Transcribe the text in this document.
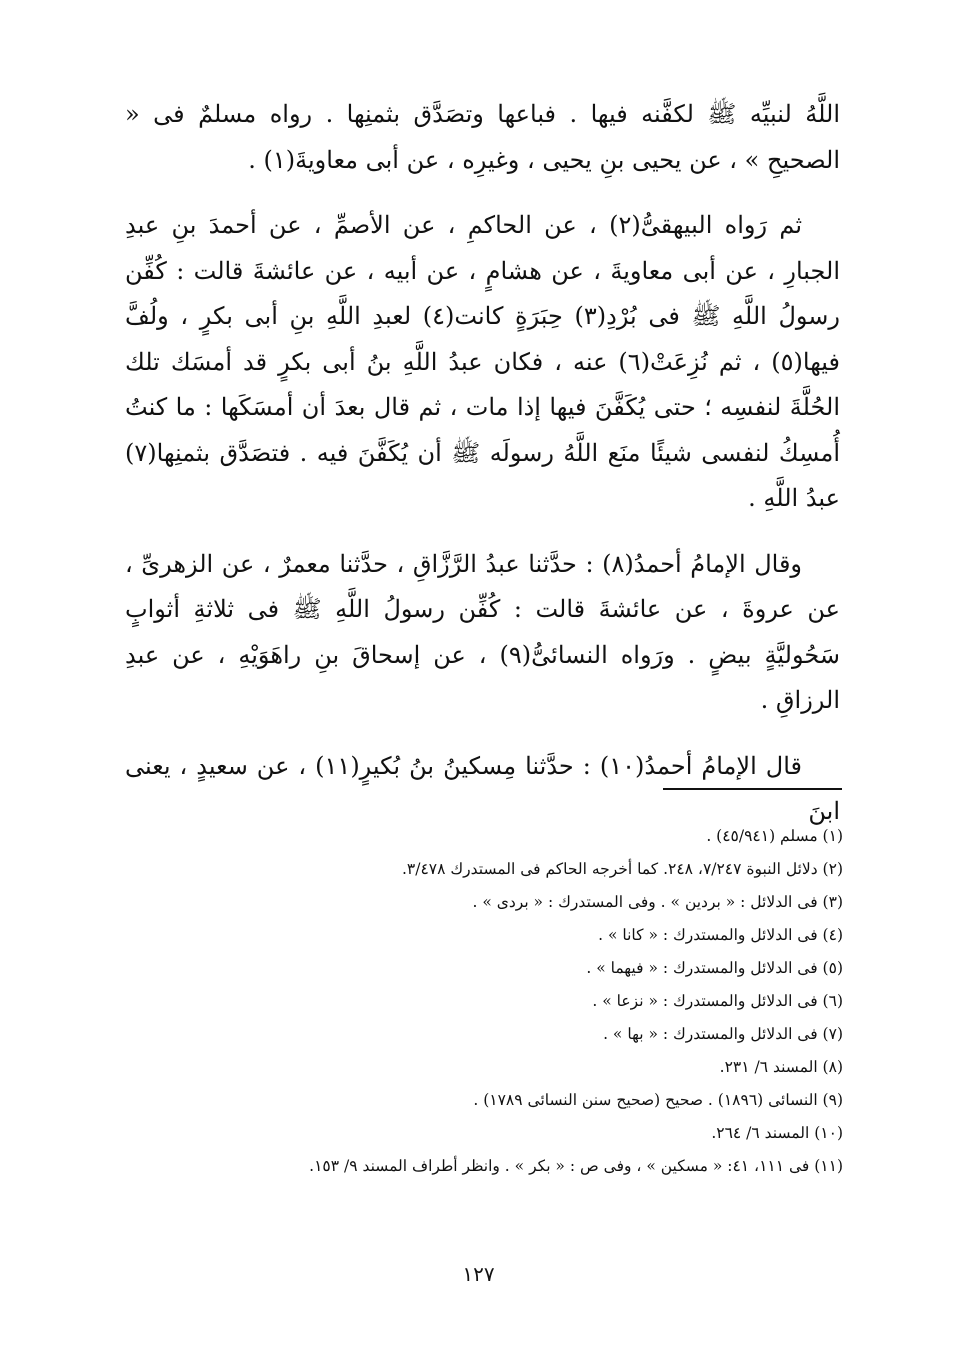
اللَّهُ لنبيِّه ﷺ لكفَّنه فيها . فباعها وتصَدَّق بثمنِها . رواه مسلمٌ فى « الصحيحِ » ، عن يحيى بنِ يحيى ، وغيرِه ، عن أبى معاويةَ(١) .

ثم رَواه البيهقىُّ(٢) ، عن الحاكمِ ، عن الأصمِّ ، عن أحمدَ بنِ عبدِ الجبارِ ، عن أبى معاويةَ ، عن هشامٍ ، عن أبيه ، عن عائشةَ قالت : كُفِّن رسولُ اللَّهِ ﷺ فى بُرْدِ(٣) حِبَرَةٍ كانت(٤) لعبدِ اللَّهِ بنِ أبى بكرٍ ، ولُفَّ فيها(٥) ، ثم نُزِعَتْ(٦) عنه ، فكان عبدُ اللَّهِ بنُ أبى بكرٍ قد أمسَك تلك الحُلَّةَ لنفسِه ؛ حتى يُكَفَّنَ فيها إذا مات ، ثم قال بعدَ أن أمسَكَها : ما كنتُ أُمسِكُ لنفسى شيئًا منَع اللَّهُ رسولَه ﷺ أن يُكَفَّنَ فيه . فتصَدَّق بثمنِها(٧) عبدُ اللَّهِ .

وقال الإمامُ أحمدُ(٨) : حدَّثنا عبدُ الرَّزَّاقِ ، حدَّثنا معمرٌ ، عن الزهرىِّ ، عن عروةَ ، عن عائشةَ قالت : كُفِّن رسولُ اللَّهِ ﷺ فى ثلاثةِ أثوابٍ سَحُوليَّةٍ بيضٍ . ورَواه النسائىُّ(٩) ، عن إسحاقَ بنِ راهَوَيْهِ ، عن عبدِ الرزاقِ .

قال الإمامُ أحمدُ(١٠) : حدَّثنا مِسكينُ بنُ بُكيرٍ(١١) ، عن سعيدٍ ، يعنى ابنَ

(١) مسلم (٤٥/٩٤١) .
(٢) دلائل النبوة ٧/٢٤٧، ٢٤٨. كما أخرجه الحاكم فى المستدرك ٣/٤٧٨.
(٣) فى الدلائل : « بردين » . وفى المستدرك : « بردى » .
(٤) فى الدلائل والمستدرك : « كانا » .
(٥) فى الدلائل والمستدرك : « فيهما » .
(٦) فى الدلائل والمستدرك : « نزعا » .
(٧) فى الدلائل والمستدرك : « بها » .
(٨) المسند ٦/ ٢٣١.
(٩) النسائى (١٨٩٦) . صحيح (صحيح سنن النسائى ١٧٨٩) .
(١٠) المسند ٦/ ٢٦٤.
(١١) فى ١١١، ٤١: « مسكين » ، وفى ص : « بكر » . وانظر أطراف المسند ٩/ ١٥٣.
١٢٧
